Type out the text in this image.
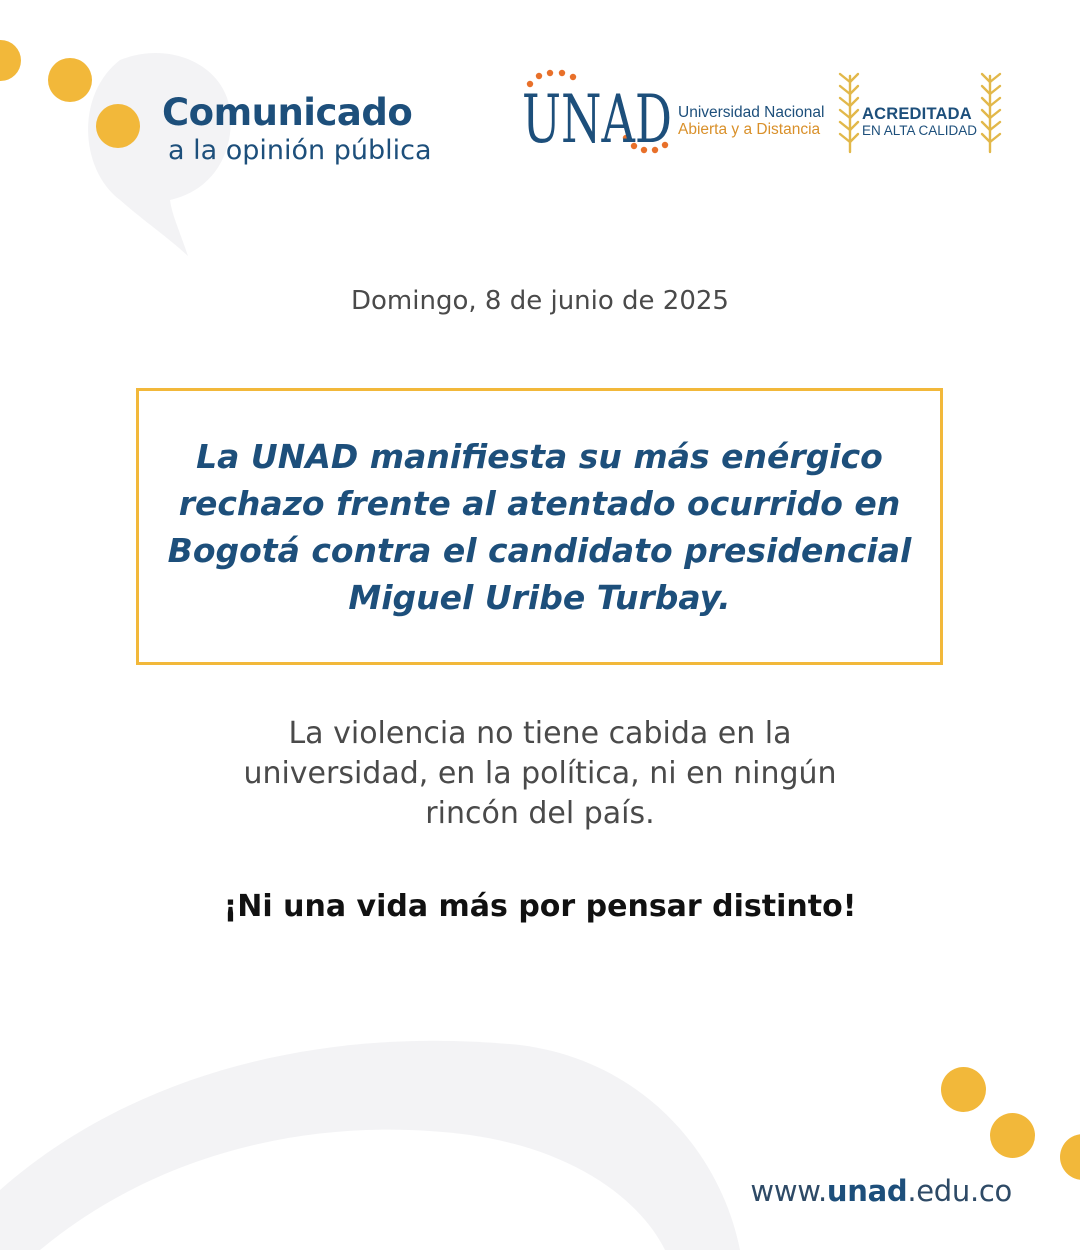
Comunicado
a la opinión pública UNAD Universidad Nacional
Abierta y a Distancia
ACREDITADA
EN ALTA CALIDAD
Domingo, 8 de junio de 2025

La UNAD manifiesta su más enérgico rechazo frente al atentado ocurrido en Bogotá contra el candidato presidencial Miguel Uribe Turbay.

La violencia no tiene cabida en la universidad, en la política, ni en ningún rincón del país.

¡Ni una vida más por pensar distinto!

www.unad.edu.co
